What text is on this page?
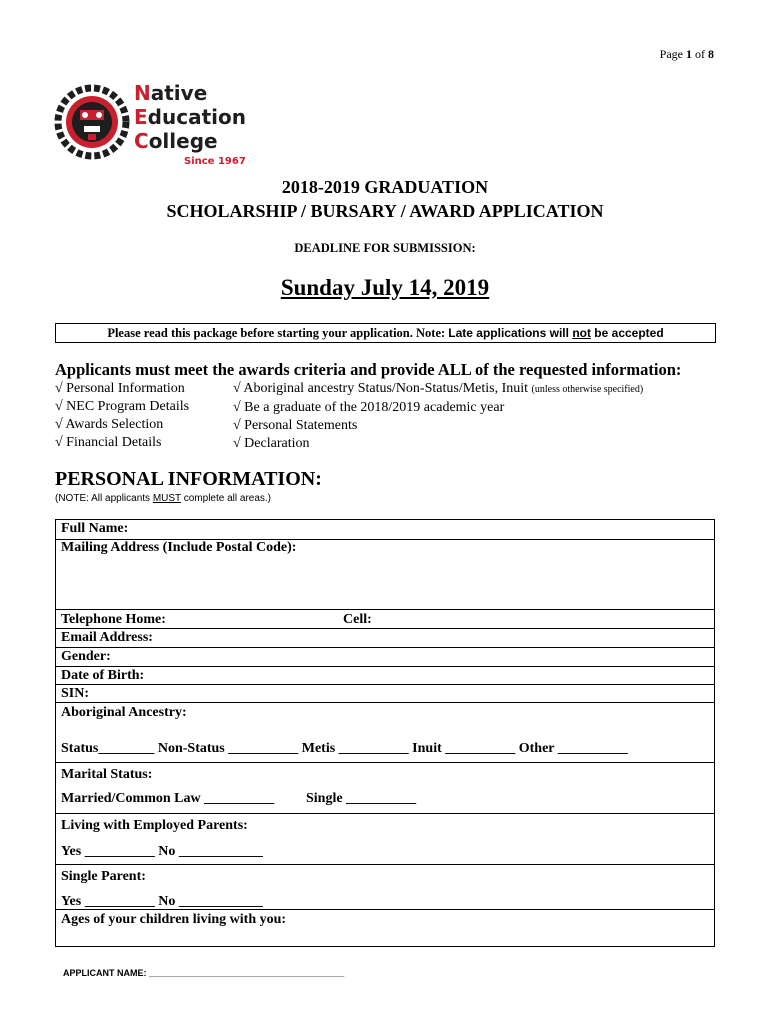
Page 1 of 8
Native
Education
College
Since 1967
2018-2019 GRADUATION
SCHOLARSHIP / BURSARY / AWARD APPLICATION
DEADLINE FOR SUBMISSION:
Sunday July 14, 2019
Please read this package before starting your application. Note: Late applications will not be accepted
Applicants must meet the awards criteria and provide ALL of the requested information:
√ Personal Information
√ NEC Program Details
√ Awards Selection
√ Financial Details
√ Aboriginal ancestry Status/Non-Status/Metis, Inuit (unless otherwise specified)
√ Be a graduate of the 2018/2019 academic year
√ Personal Statements
√ Declaration
PERSONAL INFORMATION:
(NOTE: All applicants MUST complete all areas.)
Full Name:
Mailing Address (Include Postal Code):
Telephone Home:	Cell:
Email Address:
Gender:
Date of Birth:
SIN:
Aboriginal Ancestry:
Status________ Non-Status __________ Metis __________ Inuit __________ Other __________
Marital Status:
Married/Common Law __________ Single __________
Living with Employed Parents:
Yes __________ No ____________
Single Parent:
Yes __________ No ____________
Ages of your children living with you:
APPLICANT NAME: _______________________________________
